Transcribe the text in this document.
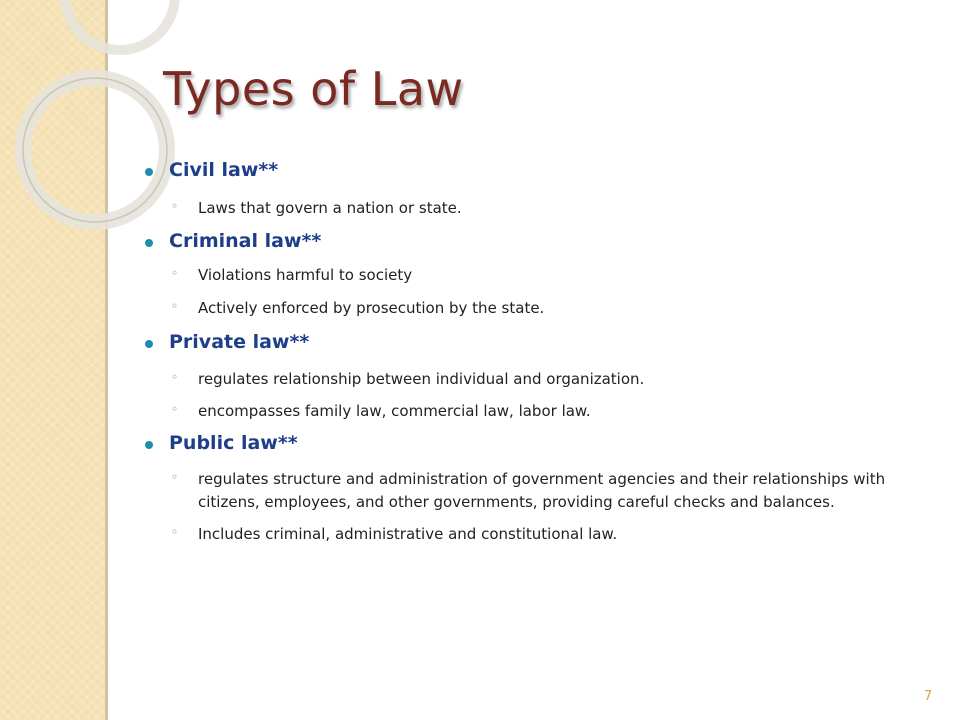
Types of Law
Civil law**
◦ Laws that govern a nation or state.
Criminal law**
◦ Violations harmful to society
◦ Actively enforced by prosecution by the state.
Private law**
◦ regulates relationship between individual and organization.
◦ encompasses family law, commercial law, labor law.
Public law**
◦ regulates structure and administration of government agencies and their relationships with citizens, employees, and other governments, providing careful checks and balances.
◦ Includes criminal, administrative and constitutional law.
7
